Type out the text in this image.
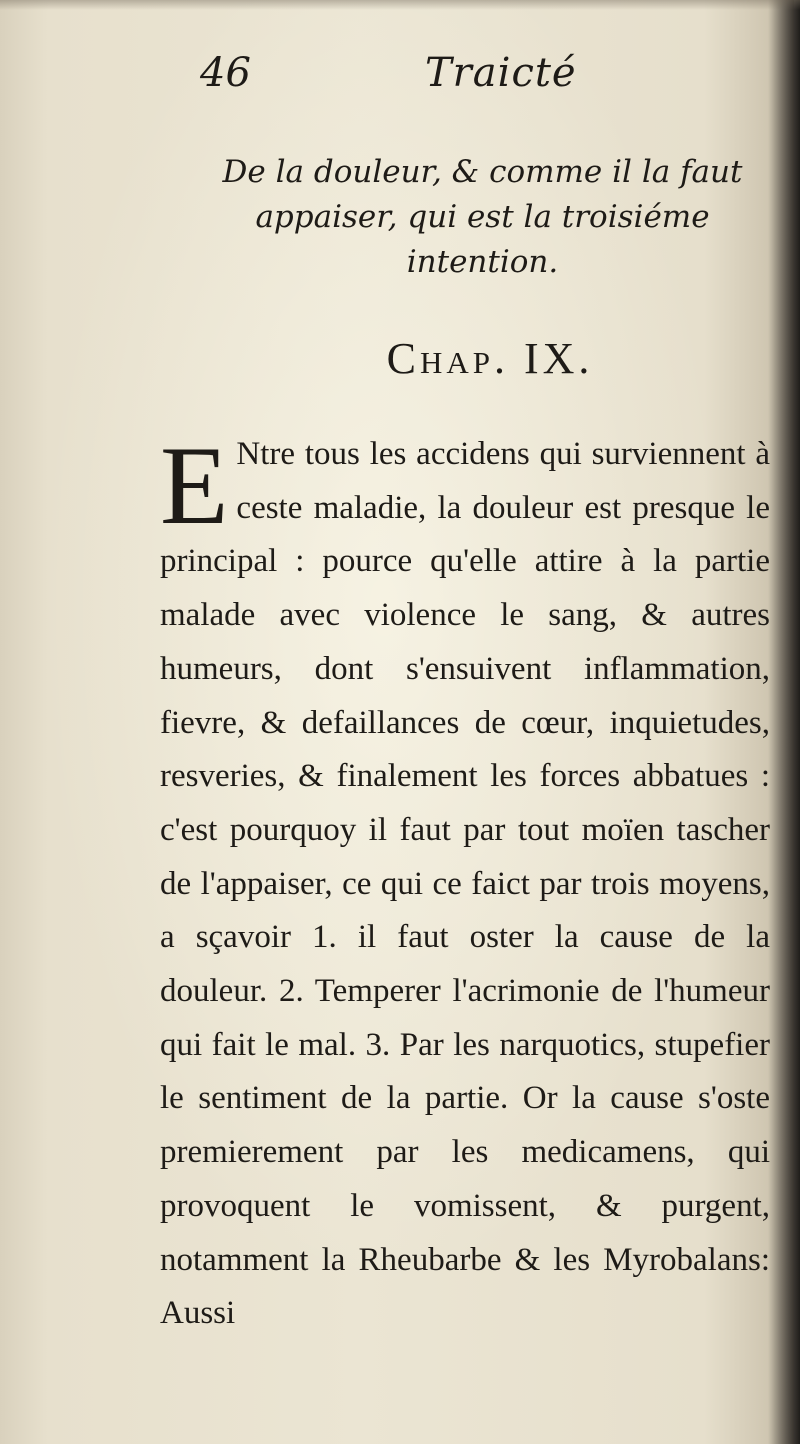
46	Traicté
De la douleur, & comme il la faut appaiser, qui est la troisiéme intention.
Chap. IX.
E Ntre tous les accidens qui surviennent à ceste maladie, la douleur est presque le principal : pource qu'elle attire à la partie malade avec violence le sang, & autres humeurs, dont s'ensuivent inflammation, fievre, & defaillances de cœur, inquietudes, resveries, & finalement les forces abbatues : c'est pourquoy il faut par tout moïen tascher de l'appaiser, ce qui ce faict par trois moyens, a sçavoir 1. il faut oster la cause de la douleur. 2. Temperer l'acrimonie de l'humeur qui fait le mal. 3. Par les narquotics, stupefier le sentiment de la partie. Or la cause s'oste premierement par les medicamens, qui provoquent le vomissent, & purgent, notamment la Rheubarbe & les Myrobalans: Aussi
